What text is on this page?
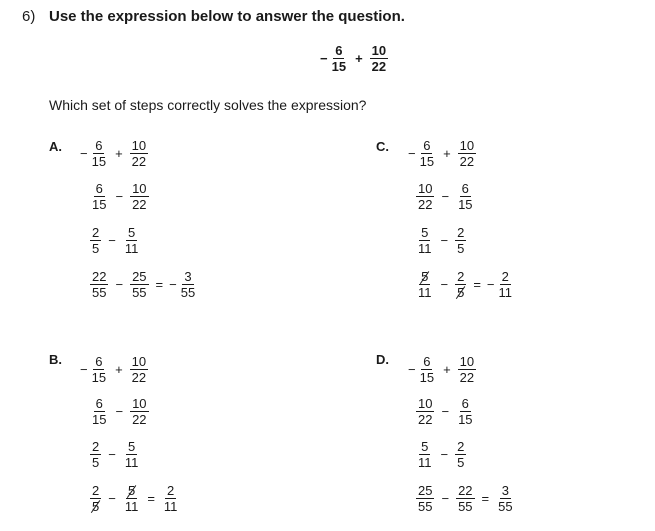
6) Use the expression below to answer the question.
− $\frac{6}{15} + \frac{10}{22}$
Which set of steps correctly solves the expression?
A. − $\frac{6}{15} + \frac{10}{22}$
$\frac{6}{15} - \frac{10}{22}$
$\frac{2}{5} - \frac{5}{11}$
$\frac{22}{55} - \frac{25}{55}$ = − $\frac{3}{55}$
B.
− $\frac{6}{15} + \frac{10}{22}$
$\frac{6}{15} - \frac{10}{22}$
$\frac{2}{5} - \frac{5}{11}$
$\frac{2}{5} - \frac{5}{11} = \frac{2}{11}$
C. − $\frac{6}{15} + \frac{10}{22}$
$\frac{10}{22} - \frac{6}{15}$
$\frac{5}{11} - \frac{2}{5}$
$\frac{5}{11} - \frac{2}{5}$ = − $\frac{2}{11}$
D.
− $\frac{6}{15} + \frac{10}{22}$
$\frac{10}{22} - \frac{6}{15}$
$\frac{5}{11} - \frac{2}{5}$
$\frac{25}{55} - \frac{22}{55} = \frac{3}{55}$
